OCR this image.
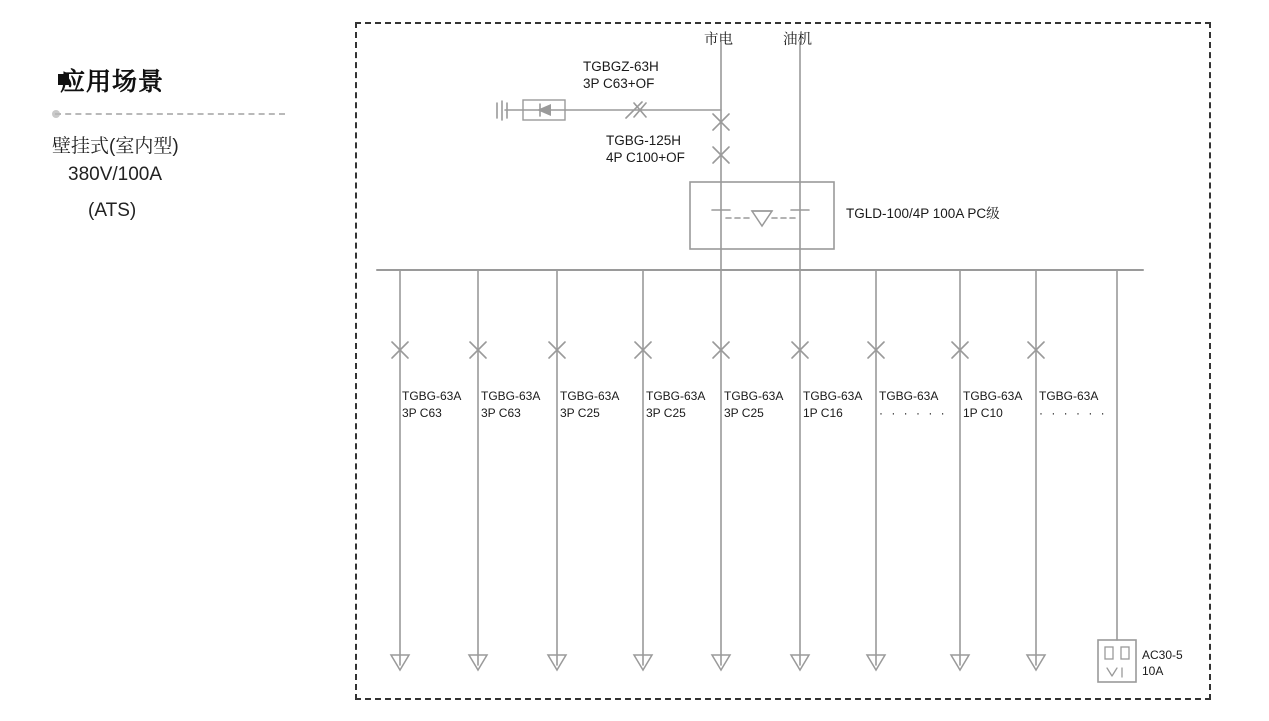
应用场景
壁挂式(室内型)
380V/100A
(ATS)
市电	油机
TGBGZ-63H
3P C63+OF
TGBG-125H
4P C100+OF
TGLD-100/4P 100A PC级
TGBG-63A
3P C63
TGBG-63A
3P C63
TGBG-63A
3P C25
TGBG-63A
3P C25
TGBG-63A
3P C25
TGBG-63A
1P C16
TGBG-63A
· · · · · ·
TGBG-63A
1P C10
TGBG-63A
· · · · · ·
AC30-5
10A
